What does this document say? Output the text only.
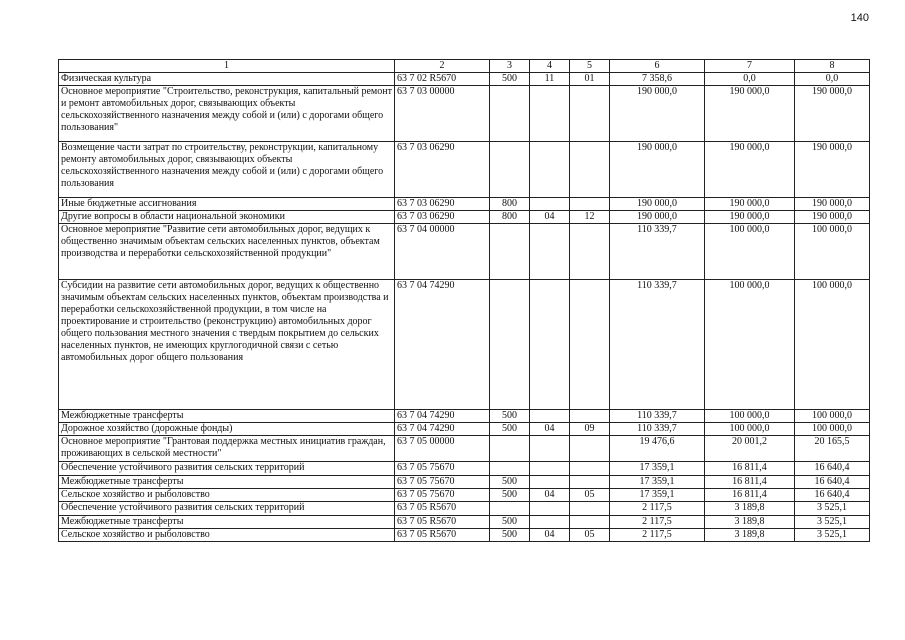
140
1	2	3	4	5	6	7	8
Физическая культура	63 7 02 R5670	500	11	01	7 358,6	0,0	0,0
Основное мероприятие "Строительство, реконструкция, капитальный ремонт и ремонт автомобильных дорог, связывающих объекты сельскохозяйственного назначения между собой и (или) с дорогами общего пользования"	63 7 03 00000				190 000,0	190 000,0	190 000,0
Возмещение части затрат по строительству, реконструкции, капитальному ремонту автомобильных дорог, связывающих объекты сельскохозяйственного назначения между собой и (или) с дорогами общего пользования	63 7 03 06290				190 000,0	190 000,0	190 000,0
Иные бюджетные ассигнования	63 7 03 06290	800			190 000,0	190 000,0	190 000,0
Другие вопросы в области национальной экономики	63 7 03 06290	800	04	12	190 000,0	190 000,0	190 000,0
Основное мероприятие "Развитие сети автомобильных дорог, ведущих к общественно значимым объектам сельских населенных пунктов, объектам производства и переработки сельскохозяйственной продукции"	63 7 04 00000				110 339,7	100 000,0	100 000,0
Субсидии на развитие сети автомобильных дорог, ведущих к общественно значимым объектам сельских населенных пунктов, объектам производства и переработки сельскохозяйственной продукции, в том числе на проектирование и строительство (реконструкцию) автомобильных дорог общего пользования местного значения с твердым покрытием до сельских населенных пунктов, не имеющих круглогодичной связи с сетью автомобильных дорог общего пользования	63 7 04 74290				110 339,7	100 000,0	100 000,0
Межбюджетные трансферты	63 7 04 74290	500			110 339,7	100 000,0	100 000,0
Дорожное хозяйство (дорожные фонды)	63 7 04 74290	500	04	09	110 339,7	100 000,0	100 000,0
Основное мероприятие "Грантовая поддержка местных инициатив граждан, проживающих в сельской местности"	63 7 05 00000				19 476,6	20 001,2	20 165,5
Обеспечение устойчивого развития сельских территорий	63 7 05 75670				17 359,1	16 811,4	16 640,4
Межбюджетные трансферты	63 7 05 75670	500			17 359,1	16 811,4	16 640,4
Сельское хозяйство и рыболовство	63 7 05 75670	500	04	05	17 359,1	16 811,4	16 640,4
Обеспечение устойчивого развития сельских территорий	63 7 05 R5670				2 117,5	3 189,8	3 525,1
Межбюджетные трансферты	63 7 05 R5670	500			2 117,5	3 189,8	3 525,1
Сельское хозяйство и рыболовство	63 7 05 R5670	500	04	05	2 117,5	3 189,8	3 525,1
